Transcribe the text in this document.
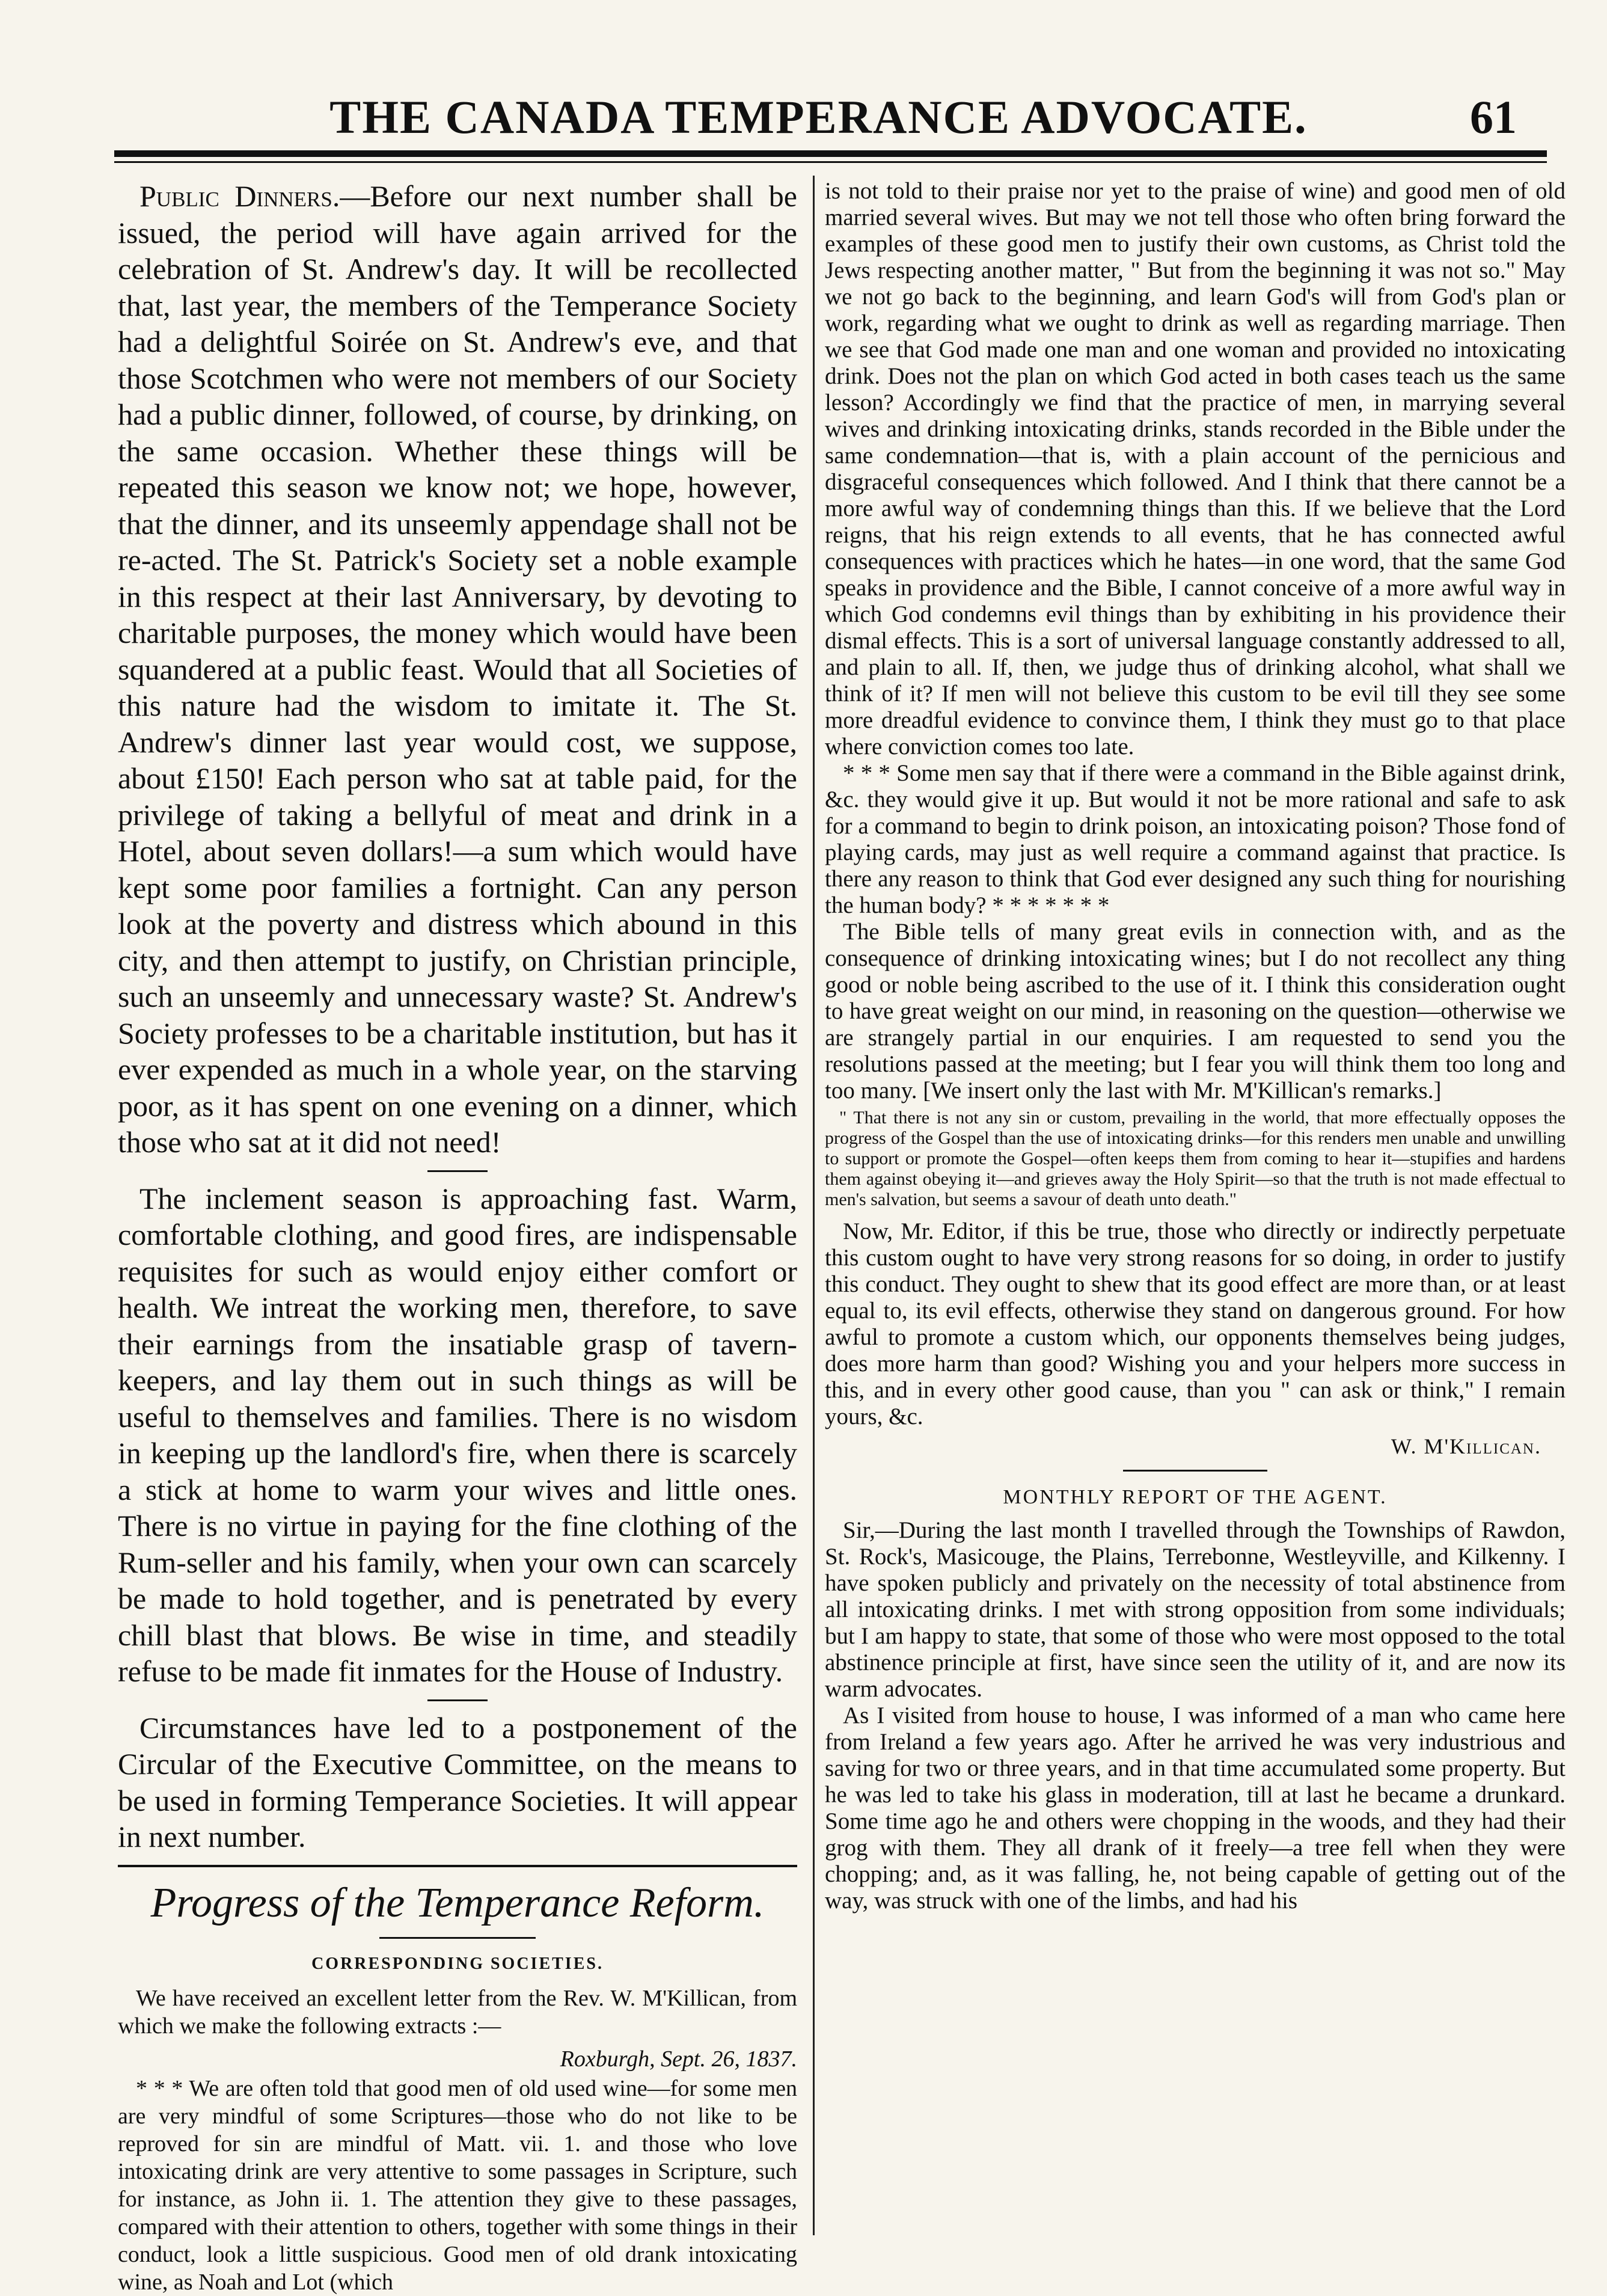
THE CANADA TEMPERANCE ADVOCATE.	61

Public Dinners.—Before our next number shall be issued, the period will have again arrived for the celebration of St. Andrew's day. It will be recollected that, last year, the members of the Temperance Society had a delightful Soirée on St. Andrew's eve, and that those Scotchmen who were not members of our Society had a public dinner, followed, of course, by drinking, on the same occasion. Whether these things will be repeated this season we know not; we hope, however, that the dinner, and its unseemly appendage shall not be re-acted. The St. Patrick's Society set a noble example in this respect at their last Anniversary, by devoting to charitable purposes, the money which would have been squandered at a public feast. Would that all Societies of this nature had the wisdom to imitate it. The St. Andrew's dinner last year would cost, we suppose, about £150! Each person who sat at table paid, for the privilege of taking a bellyful of meat and drink in a Hotel, about seven dollars!—a sum which would have kept some poor families a fortnight. Can any person look at the poverty and distress which abound in this city, and then attempt to justify, on Christian principle, such an unseemly and unnecessary waste? St. Andrew's Society professes to be a charitable institution, but has it ever expended as much in a whole year, on the starving poor, as it has spent on one evening on a dinner, which those who sat at it did not need!

The inclement season is approaching fast. Warm, comfortable clothing, and good fires, are indispensable requisites for such as would enjoy either comfort or health. We intreat the working men, therefore, to save their earnings from the insatiable grasp of tavern-keepers, and lay them out in such things as will be useful to themselves and families. There is no wisdom in keeping up the landlord's fire, when there is scarcely a stick at home to warm your wives and little ones. There is no virtue in paying for the fine clothing of the Rum-seller and his family, when your own can scarcely be made to hold together, and is penetrated by every chill blast that blows. Be wise in time, and steadily refuse to be made fit inmates for the House of Industry.

Circumstances have led to a postponement of the Circular of the Executive Committee, on the means to be used in forming Temperance Societies. It will appear in next number.

Progress of the Temperance Reform.
CORRESPONDING SOCIETIES.

We have received an excellent letter from the Rev. W. M'Killican, from which we make the following extracts :—

Roxburgh, Sept. 26, 1837.

* * * We are often told that good men of old used wine—for some men are very mindful of some Scriptures—those who do not like to be reproved for sin are mindful of Matt. vii. 1. and those who love intoxicating drink are very attentive to some passages in Scripture, such for instance, as John ii. 1. The attention they give to these passages, compared with their attention to others, together with some things in their conduct, look a little suspicious. Good men of old drank intoxicating wine, as Noah and Lot (which

is not told to their praise nor yet to the praise of wine) and good men of old married several wives. But may we not tell those who often bring forward the examples of these good men to justify their own customs, as Christ told the Jews respecting another matter, " But from the beginning it was not so." May we not go back to the beginning, and learn God's will from God's plan or work, regarding what we ought to drink as well as regarding marriage. Then we see that God made one man and one woman and provided no intoxicating drink. Does not the plan on which God acted in both cases teach us the same lesson? Accordingly we find that the practice of men, in marrying several wives and drinking intoxicating drinks, stands recorded in the Bible under the same condemnation—that is, with a plain account of the pernicious and disgraceful consequences which followed. And I think that there cannot be a more awful way of condemning things than this. If we believe that the Lord reigns, that his reign extends to all events, that he has connected awful consequences with practices which he hates—in one word, that the same God speaks in providence and the Bible, I cannot conceive of a more awful way in which God condemns evil things than by exhibiting in his providence their dismal effects. This is a sort of universal language constantly addressed to all, and plain to all. If, then, we judge thus of drinking alcohol, what shall we think of it? If men will not believe this custom to be evil till they see some more dreadful evidence to convince them, I think they must go to that place where conviction comes too late.

* * * Some men say that if there were a command in the Bible against drink, &c. they would give it up. But would it not be more rational and safe to ask for a command to begin to drink poison, an intoxicating poison? Those fond of playing cards, may just as well require a command against that practice. Is there any reason to think that God ever designed any such thing for nourishing the human body? * * * * * * *

The Bible tells of many great evils in connection with, and as the consequence of drinking intoxicating wines; but I do not recollect any thing good or noble being ascribed to the use of it. I think this consideration ought to have great weight on our mind, in reasoning on the question—otherwise we are strangely partial in our enquiries. I am requested to send you the resolutions passed at the meeting; but I fear you will think them too long and too many. [We insert only the last with Mr. M'Killican's remarks.]

" That there is not any sin or custom, prevailing in the world, that more effectually opposes the progress of the Gospel than the use of intoxicating drinks—for this renders men unable and unwilling to support or promote the Gospel—often keeps them from coming to hear it—stupifies and hardens them against obeying it—and grieves away the Holy Spirit—so that the truth is not made effectual to men's salvation, but seems a savour of death unto death."

Now, Mr. Editor, if this be true, those who directly or indirectly perpetuate this custom ought to have very strong reasons for so doing, in order to justify this conduct. They ought to shew that its good effect are more than, or at least equal to, its evil effects, otherwise they stand on dangerous ground. For how awful to promote a custom which, our opponents themselves being judges, does more harm than good? Wishing you and your helpers more success in this, and in every other good cause, than you " can ask or think," I remain yours, &c.

W. M'Killican.
MONTHLY REPORT OF THE AGENT.

Sir,—During the last month I travelled through the Townships of Rawdon, St. Rock's, Masicouge, the Plains, Terrebonne, Westleyville, and Kilkenny. I have spoken publicly and privately on the necessity of total abstinence from all intoxicating drinks. I met with strong opposition from some individuals; but I am happy to state, that some of those who were most opposed to the total abstinence principle at first, have since seen the utility of it, and are now its warm advocates.

As I visited from house to house, I was informed of a man who came here from Ireland a few years ago. After he arrived he was very industrious and saving for two or three years, and in that time accumulated some property. But he was led to take his glass in moderation, till at last he became a drunkard. Some time ago he and others were chopping in the woods, and they had their grog with them. They all drank of it freely—a tree fell when they were chopping; and, as it was falling, he, not being capable of getting out of the way, was struck with one of the limbs, and had his
